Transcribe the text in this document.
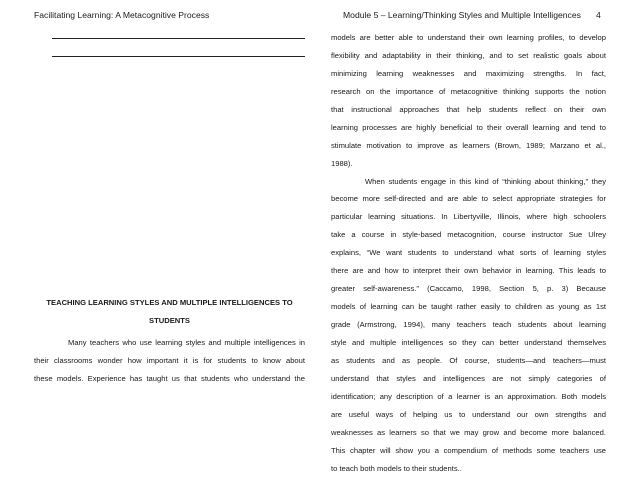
Facilitating Learning: A Metacognitive Process	Module 5 – Learning/Thinking Styles and Multiple Intelligences 4
TEACHING LEARNING STYLES AND MULTIPLE INTELLIGENCES TO
STUDENTS
Many teachers who use learning styles and multiple intelligences in
their classrooms wonder how important it is for students to know about
these models. Experience has taught us that students who understand the
models are better able to understand their own learning profiles, to develop
flexibility and adaptability in their thinking, and to set realistic goals about
minimizing learning weaknesses and maximizing strengths. In fact,
research on the importance of metacognitive thinking supports the notion
that instructional approaches that help students reflect on their own
learning processes are highly beneficial to their overall learning and tend to
stimulate motivation to improve as learners (Brown, 1989; Marzano et al.,
1988).
When students engage in this kind of “thinking about thinking,” they
become more self-directed and are able to select appropriate strategies for
particular learning situations. In Libertyville, Illinois, where high schoolers
take a course in style-based metacognition, course instructor Sue Ulrey
explains, “We want students to understand what sorts of learning styles
there are and how to interpret their own behavior in learning. This leads to
greater self-awareness.” (Caccamo, 1998, Section 5, p. 3) Because
models of learning can be taught rather easily to children as young as 1st
grade (Armstrong, 1994), many teachers teach students about learning
style and multiple intelligences so they can better understand themselves
as students and as people. Of course, students—and teachers—must
understand that styles and intelligences are not simply categories of
identification; any description of a learner is an approximation. Both models
are useful ways of helping us to understand our own strengths and
weaknesses as learners so that we may grow and become more balanced.
This chapter will show you a compendium of methods some teachers use
to teach both models to their students..
